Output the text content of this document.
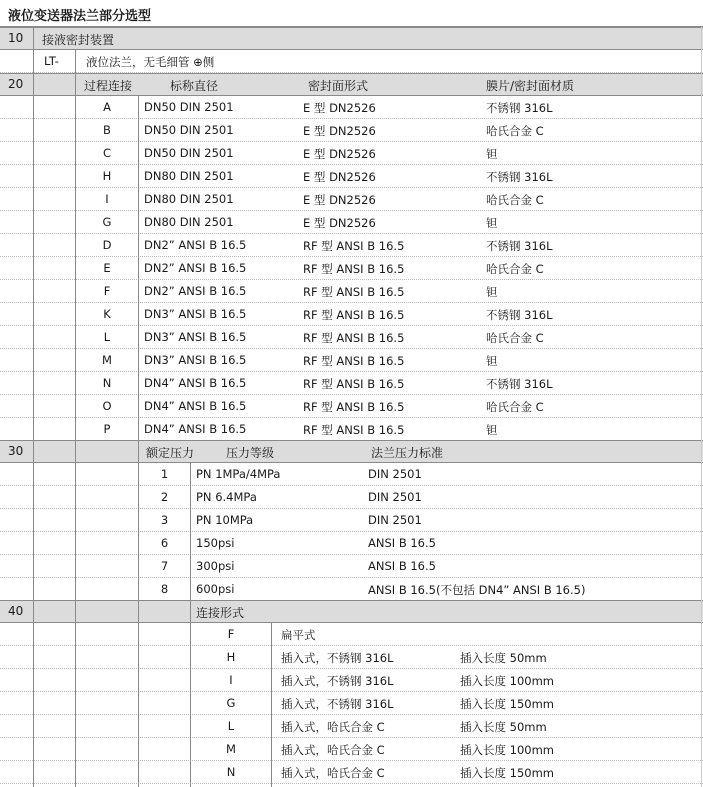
液位变送器法兰部分选型
10 接液密封装置
LT- 液位法兰，无毛细管 ⊕侧
20	过程连接	标称直径	密封面形式	膜片/密封面材质
A	DN50 DIN 2501	E 型 DN2526	不锈钢 316L
B	DN50 DIN 2501	E 型 DN2526	哈氏合金 C
C	DN50 DIN 2501	E 型 DN2526	钽
H	DN80 DIN 2501	E 型 DN2526	不锈钢 316L
I	DN80 DIN 2501	E 型 DN2526	哈氏合金 C
G	DN80 DIN 2501	E 型 DN2526	钽
D	DN2” ANSI B 16.5	RF 型 ANSI B 16.5	不锈钢 316L
E	DN2” ANSI B 16.5	RF 型 ANSI B 16.5	哈氏合金 C
F	DN2” ANSI B 16.5	RF 型 ANSI B 16.5	钽
K	DN3” ANSI B 16.5	RF 型 ANSI B 16.5	不锈钢 316L
L	DN3” ANSI B 16.5	RF 型 ANSI B 16.5	哈氏合金 C
M	DN3” ANSI B 16.5	RF 型 ANSI B 16.5	钽
N	DN4” ANSI B 16.5	RF 型 ANSI B 16.5	不锈钢 316L
O	DN4” ANSI B 16.5	RF 型 ANSI B 16.5	哈氏合金 C
P	DN4” ANSI B 16.5	RF 型 ANSI B 16.5	钽
30	额定压力	压力等级	法兰压力标准
1	PN 1MPa/4MPa	DIN 2501
2	PN 6.4MPa	DIN 2501
3	PN 10MPa	DIN 2501
6	150psi	ANSI B 16.5
7	300psi	ANSI B 16.5
8	600psi	ANSI B 16.5(不包括 DN4” ANSI B 16.5)
40	连接形式
F	扁平式
H	插入式，不锈钢 316L	插入长度 50mm
I	插入式，不锈钢 316L	插入长度 100mm
G	插入式，不锈钢 316L	插入长度 150mm
L	插入式，哈氏合金 C	插入长度 50mm
M	插入式，哈氏合金 C	插入长度 100mm
N	插入式，哈氏合金 C	插入长度 150mm
